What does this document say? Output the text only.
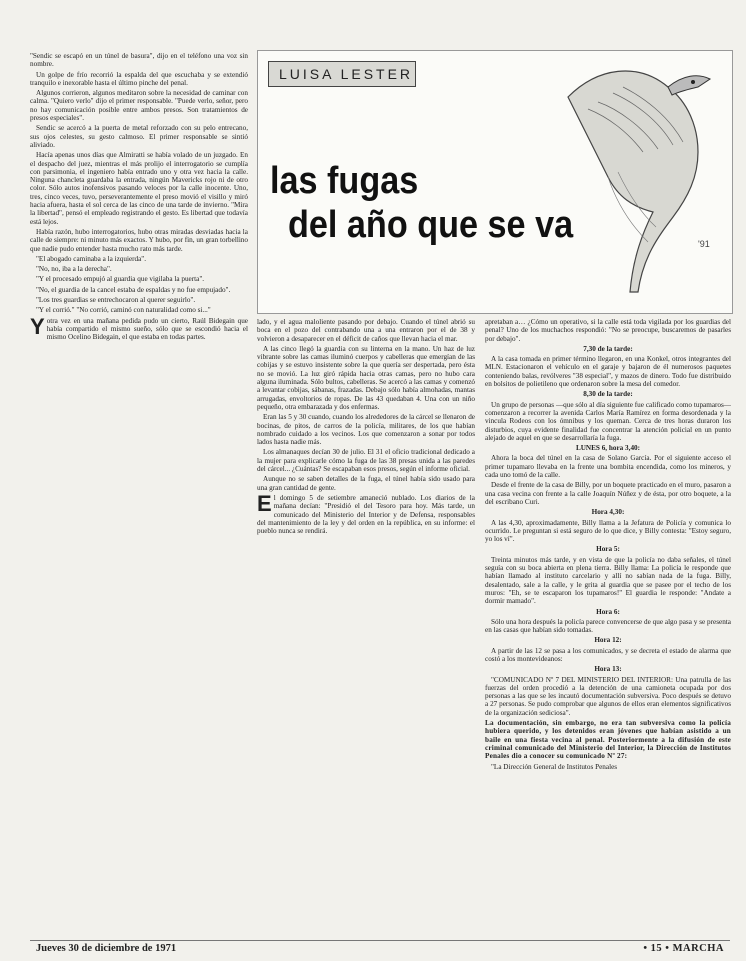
LUISA LESTER
las fugas
del año que se va	'91

"Sendic se escapó en un túnel de basura", dijo en el teléfono una voz sin nombre.

Un golpe de frío recorrió la espalda del que escuchaba y se extendió tranquilo e inexorable hasta el último pinche del penal.

Algunos corrieron, algunos meditaron sobre la necesidad de caminar con calma. "Quiero verlo" dijo el primer responsable. "Puede verlo, señor, pero no hay comunicación posible entre ambos presos. Son tratamientos de presos especiales".

Sendic se acercó a la puerta de metal reforzado con su pelo entrecano, sus ojos celestes, su gesto calmoso. El primer responsable se sintió aliviado.

Hacía apenas unos días que Almiratti se había volado de un juzgado. En el despacho del juez, mientras el más prolijo el interrogatorio se cumplía con parsimonia, el ingeniero había entrado uno y otra vez hacia la calle. Ninguna chancleta guardaba la entrada, ningún Mavericks rojo ni de otro color. Sólo autos inofensivos pasando veloces por la calle inocente. Uno, tres, cinco veces, tuvo, perseverantemente el preso movió el visillo y miró hacia afuera, hasta el sol cerca de las cinco de una tarde de invierno. "Mira la libertad", pensó el empleado registrando el gesto. Es libertad que todavía está lejos.

Había razón, hubo interrogatorios, hubo otras miradas desviadas hacia la calle de siempre: ni minuto más exactos. Y hubo, por fin, un gran torbellino que nadie pudo entender hasta mucho rato más tarde.

"El abogado caminaba a la izquierda".

"No, no, iba a la derecha".

"Y el procesado empujó al guardia que vigilaba la puerta".

"No, el guardia de la cancel estaba de espaldas y no fue empujado".

"Los tres guardias se entrechocaron al querer seguirlo".

"Y el corrió." "No corrió, caminó con naturalidad como si..."

Yotra vez en una mañana pedida pudo un cierto, Raúl Bidegain que había compartido el mismo sueño, sólo que se escondió hacia el mismo Ocelino Bidegain, el que estaba en todas partes.

lado, y el agua maloliente pasando por debajo. Cuando el túnel abrió su boca en el pozo del contrabando una a una entraron por el de 38 y volvieron a desaparecer en el déficit de caños que llevan hacia el mar.

A las cinco llegó la guardia con su linterna en la mano. Un haz de luz vibrante sobre las camas iluminó cuerpos y cabelleras que emergían de las cobijas y se estuvo insistente sobre la que quería ser despertada, pero ésta no se movió. La luz giró rápida hacia otras camas, pero no hubo cara alguna iluminada. Sólo bultos, cabelleras. Se acercó a las camas y comenzó a levantar cobijas, sábanas, frazadas. Debajo sólo había almohadas, mantas arrugadas, envoltorios de ropas. De las 43 quedaban 4. Una con un niño pequeño, otra embarazada y dos enfermas.

Eran las 5 y 30 cuando, cuando los alrededores de la cárcel se llenaron de bocinas, de pitos, de carros de la policía, militares, de los que habían nombrado cuidado a los vecinos. Los que comenzaron a sonar por todos lados hasta nadie más.

Los almanaques decían 30 de julio. El 31 el oficio tradicional dedicado a la mujer para explicarle cómo la fuga de las 38 presas unida a las paredes del cárcel... ¿Cuántas? Se escapaban esos presos, según el informe oficial.

Aunque no se saben detalles de la fuga, el túnel había sido usado para una gran cantidad de gente.

El domingo 5 de setiembre amaneció nublado. Los diarios de la mañana decían: "Presidió el del Tesoro para hoy. Más tarde, un comunicado del Ministerio del Interior y de Defensa, responsables del mantenimiento de la ley y del orden en la república, en su informe: el pueblo nunca se rendirá.

apretaban a… ¿Cómo un operativo, si la calle está toda vigilada por los guardias del penal? Uno de los muchachos respondió: "No se preocupe, buscaremos de pasarles por debajo".

7,30 de la tarde:

A la casa tomada en primer término llegaron, en una Konkel, otros integrantes del MLN. Estacionaron el vehículo en el garaje y bajaron de él numerosos paquetes conteniendo balas, revólveres "38 especial", y mazos de dinero. Todo fue distribuido en bolsitos de polietileno que ordenaron sobre la mesa del comedor.

8,30 de la tarde:

Un grupo de personas —que sólo al día siguiente fue calificado como tupamaros— comenzaron a recorrer la avenida Carlos María Ramírez en forma desordenada y la vincula Rodeos con los ómnibus y los queman. Cerca de tres horas duraron los disturbios, cuya evidente finalidad fue concentrar la atención policial en un punto alejado de aquel en que se desarrollaría la fuga.

LUNES 6, hora 3,40:

Ahora la boca del túnel en la casa de Solano García. Por el siguiente acceso el primer tupamaro llevaba en la frente una bombita encendida, como los mineros, y cada uno tomó de la calle.

Desde el frente de la casa de Billy, por un boquete practicado en el muro, pasaron a una casa vecina con frente a la calle Joaquín Núñez y de ésta, por otro boquete, a la del escribano Curi.

Hora 4,30:

A las 4,30, aproximadamente, Billy llama a la Jefatura de Policía y comunica lo ocurrido. Le preguntan si está seguro de lo que dice, y Billy contesta: "Estoy seguro, yo los ví".

Hora 5:

Treinta minutos más tarde, y en vista de que la policía no daba señales, el túnel seguía con su boca abierta en plena tierra. Billy llama: La policía le responde que habían llamado al instituto carcelario y allí no sabían nada de la fuga. Billy, desalentado, sale a la calle, y le grita al guardia que se pasee por el techo de los muros: "Eh, se te escaparon los tupamaros!" El guardia le responde: "Andate a dormir mamado".

Hora 6:

Sólo una hora después la policía parece convencerse de que algo pasa y se presenta en las casas que habían sido tomadas.

Hora 12:

A partir de las 12 se pasa a los comunicados, y se decreta el estado de alarma que costó a los montevideanos:

Hora 13:

"COMUNICADO Nº 7 DEL MINISTERIO DEL INTERIOR: Una patrulla de las fuerzas del orden procedió a la detención de una camioneta ocupada por dos personas a las que se les incautó documentación subversiva. Poco después se detuvo a 27 personas. Se pudo comprobar que algunos de ellos eran elementos significativos de la organización sediciosa".

La documentación, sin embargo, no era tan subversiva como la policía hubiera querido, y los detenidos eran jóvenes que habían asistido a un baile en una fiesta vecina al penal. Posteriormente a la difusión de este criminal comunicado del Ministerio del Interior, la Dirección de Institutos Penales dio a conocer su comunicado Nº 27:

"La Dirección General de Institutos Penales

Jueves 30 de diciembre de 1971	• 15 • MARCHA
